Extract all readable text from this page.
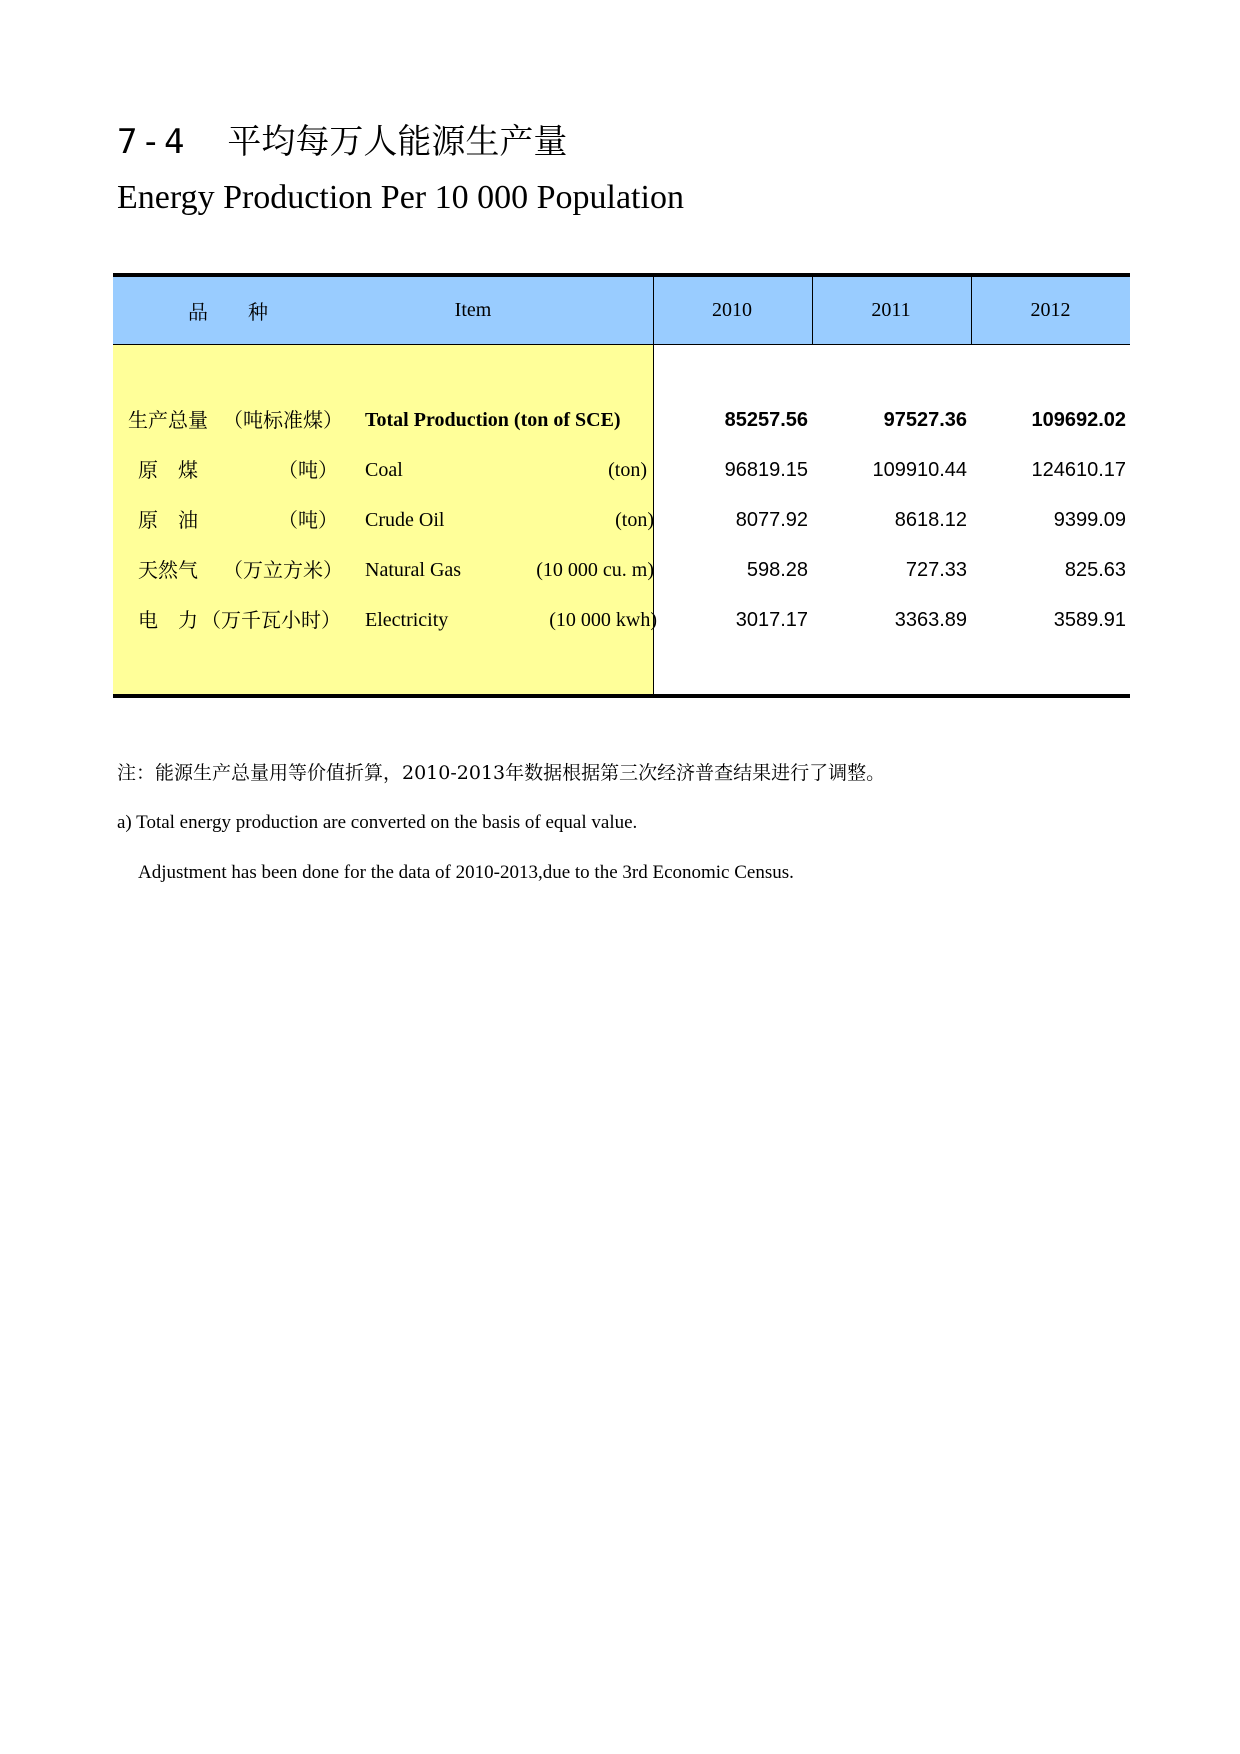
7-4 平均每万人能源生产量
Energy Production Per 10 000 Population
品　　种	Item	2010	2011	2012
生产总量 （吨标准煤） Total Production (ton of SCE)	85257.56	97527.36	109692.02
原　煤	（吨） Coal	(ton)	96819.15	109910.44	124610.17
原　油	（吨） Crude Oil	(ton)	8077.92	8618.12	9399.09
天然气 （万立方米） Natural Gas	(10 000 cu. m)	598.28	727.33	825.63
电　力 （万千瓦小时） Electricity	(10 000 kwh)	3017.17	3363.89	3589.91
注：能源生产总量用等价值折算，2010-2013年数据根据第三次经济普查结果进行了调整。
a) Total energy production are converted on the basis of equal value.
Adjustment has been done for the data of 2010-2013,due to the 3rd Economic Census.
